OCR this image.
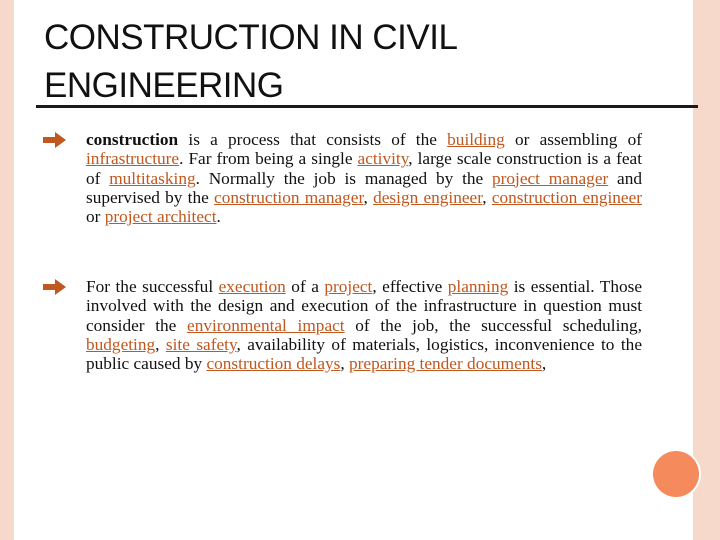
CONSTRUCTION IN CIVIL
ENGINEERING
construction is a process that consists of the building or assembling of infrastructure. Far from being a single activity, large scale construction is a feat of multitasking. Normally the job is managed by the project manager and supervised by the construction manager, design engineer, construction engineer or project architect.
For the successful execution of a project, effective planning is essential. Those involved with the design and execution of the infrastructure in question must consider the environmental impact of the job, the successful scheduling, budgeting, site safety, availability of materials, logistics, inconvenience to the public caused by construction delays, preparing tender documents,
